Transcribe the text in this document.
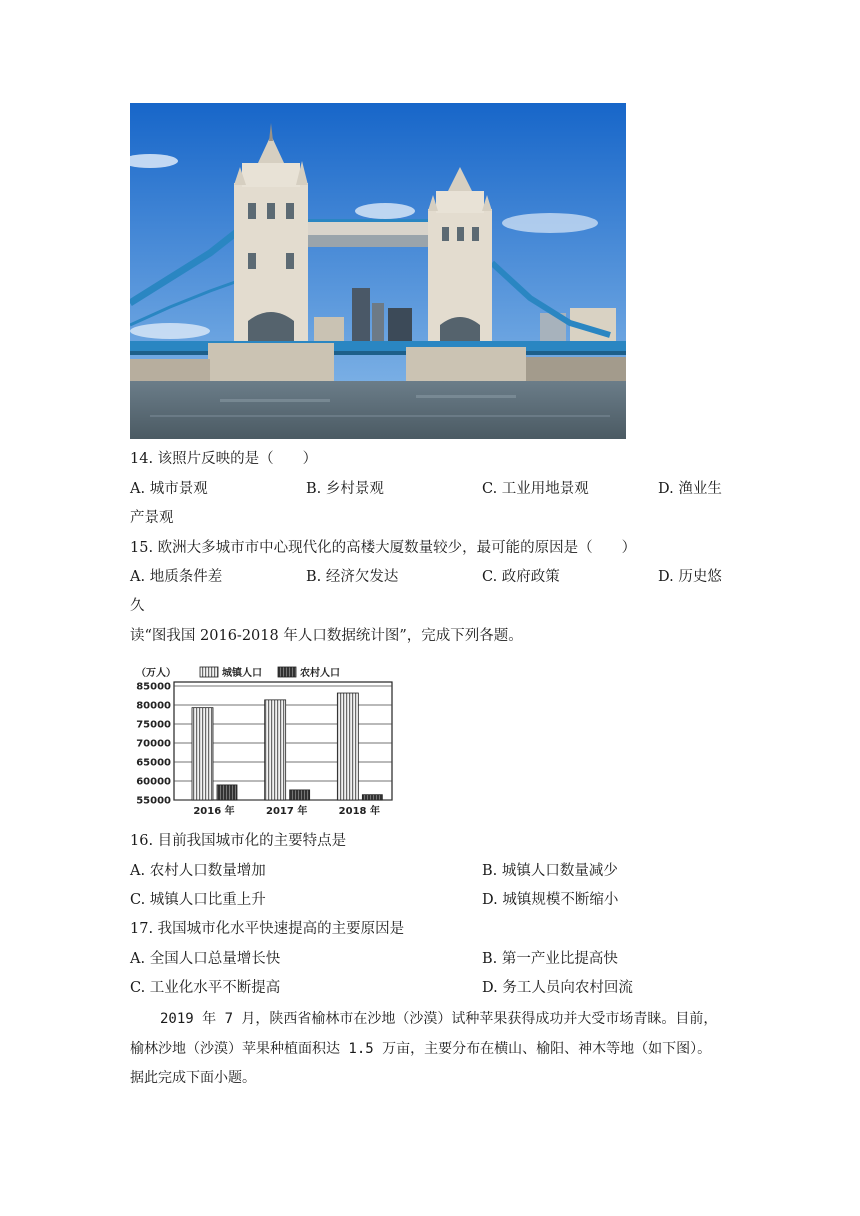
14. 该照片反映的是（　　）
A. 城市景观	B. 乡村景观	C. 工业用地景观	D. 渔业生
产景观
15. 欧洲大多城市市中心现代化的高楼大厦数量较少，最可能的原因是（　　）
A. 地质条件差	B. 经济欠发达	C. 政府政策	D. 历史悠
久
读“图我国 2016-2018 年人口数据统计图”，完成下列各题。
85000
80000
75000
70000
65000
60000
55000
（万人）	城镇人口	农村人口
2016 年	2017 年	2018 年
16. 目前我国城市化的主要特点是
A. 农村人口数量增加	B. 城镇人口数量减少
C. 城镇人口比重上升	D. 城镇规模不断缩小
17. 我国城市化水平快速提高的主要原因是
A. 全国人口总量增长快	B. 第一产业比提高快
C. 工业化水平不断提高	D. 务工人员向农村回流
2019 年 7 月，陕西省榆林市在沙地（沙漠）试种苹果获得成功并大受市场青睐。目前，
榆林沙地（沙漠）苹果种植面积达 1.5 万亩，主要分布在横山、榆阳、神木等地（如下图）。
据此完成下面小题。
